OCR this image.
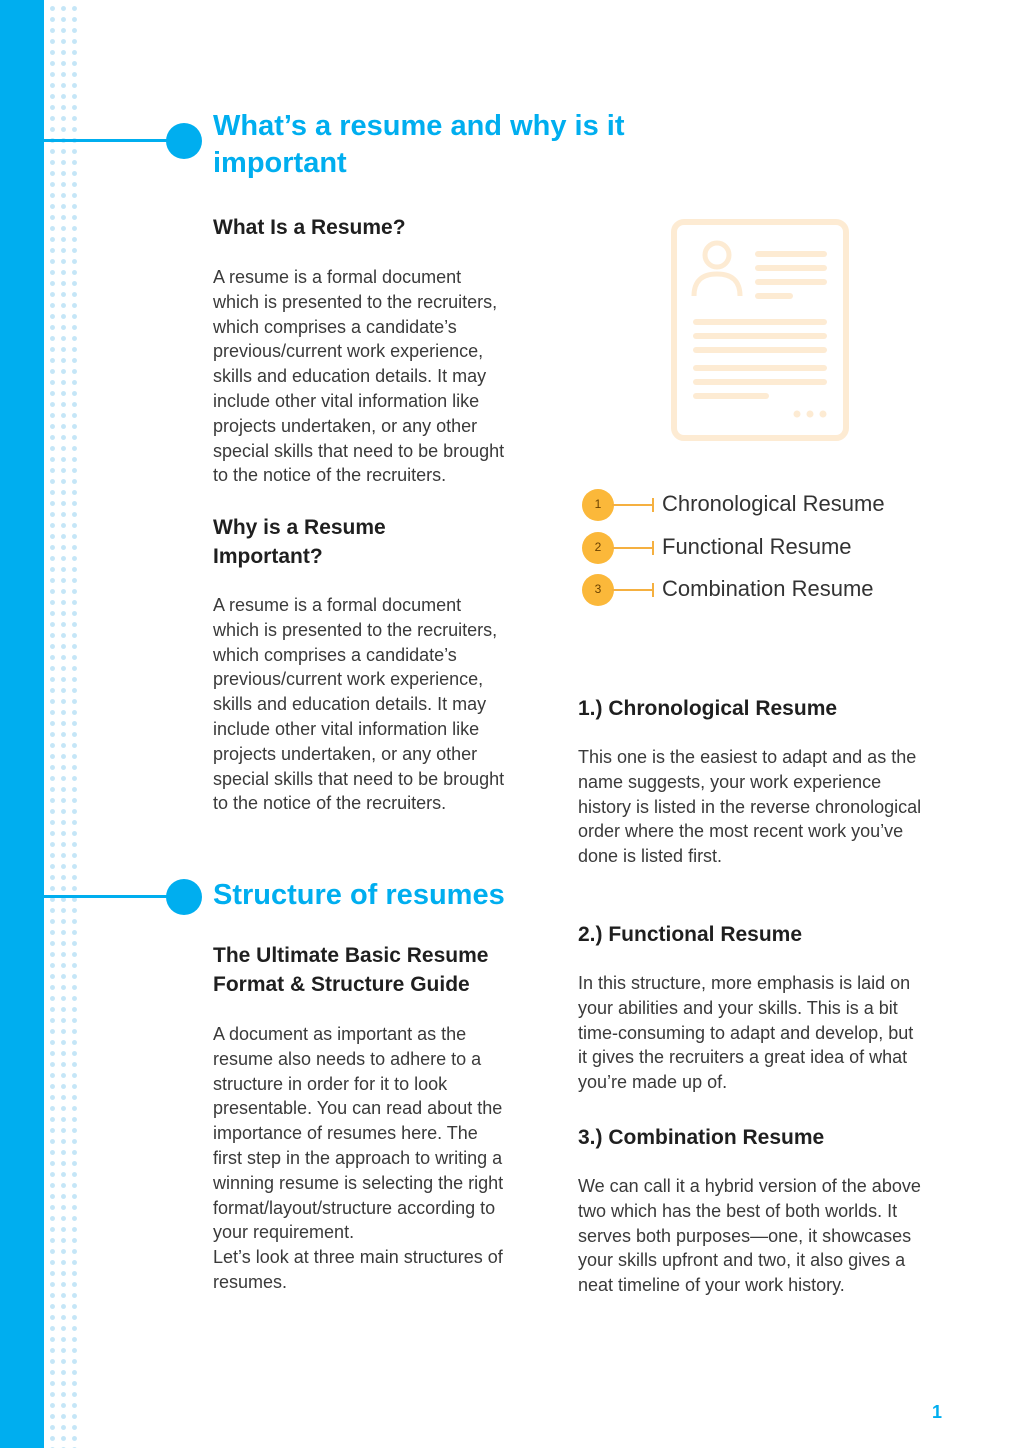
What’s a resume and why is it important
What Is a Resume?

A resume is a formal document
which is presented to the recruiters,
which comprises a candidate’s
previous/current work experience,
skills and education details. It may
include other vital information like
projects undertaken, or any other
special skills that need to be brought
to the notice of the recruiters.

Why is a Resume Important?

A resume is a formal document
which is presented to the recruiters,
which comprises a candidate’s
previous/current work experience,
skills and education details. It may
include other vital information like
projects undertaken, or any other
special skills that need to be brought
to the notice of the recruiters.

Structure of resumes
The Ultimate Basic Resume Format & Structure Guide

A document as important as the
resume also needs to adhere to a
structure in order for it to look
presentable. You can read about the
importance of resumes here. The
first step in the approach to writing a
winning resume is selecting the right
format/layout/structure according to
your requirement.
Let’s look at three main structures of
resumes.

1	Chronological Resume
2	Functional Resume
3	Combination Resume
1.) Chronological Resume

This one is the easiest to adapt and as the
name suggests, your work experience
history is listed in the reverse chronological
order where the most recent work you’ve
done is listed first.

2.) Functional Resume

In this structure, more emphasis is laid on
your abilities and your skills. This is a bit
time-consuming to adapt and develop, but
it gives the recruiters a great idea of what
you’re made up of.

3.) Combination Resume

We can call it a hybrid version of the above
two which has the best of both worlds. It
serves both purposes—one, it showcases
your skills upfront and two, it also gives a
neat timeline of your work history.

1
